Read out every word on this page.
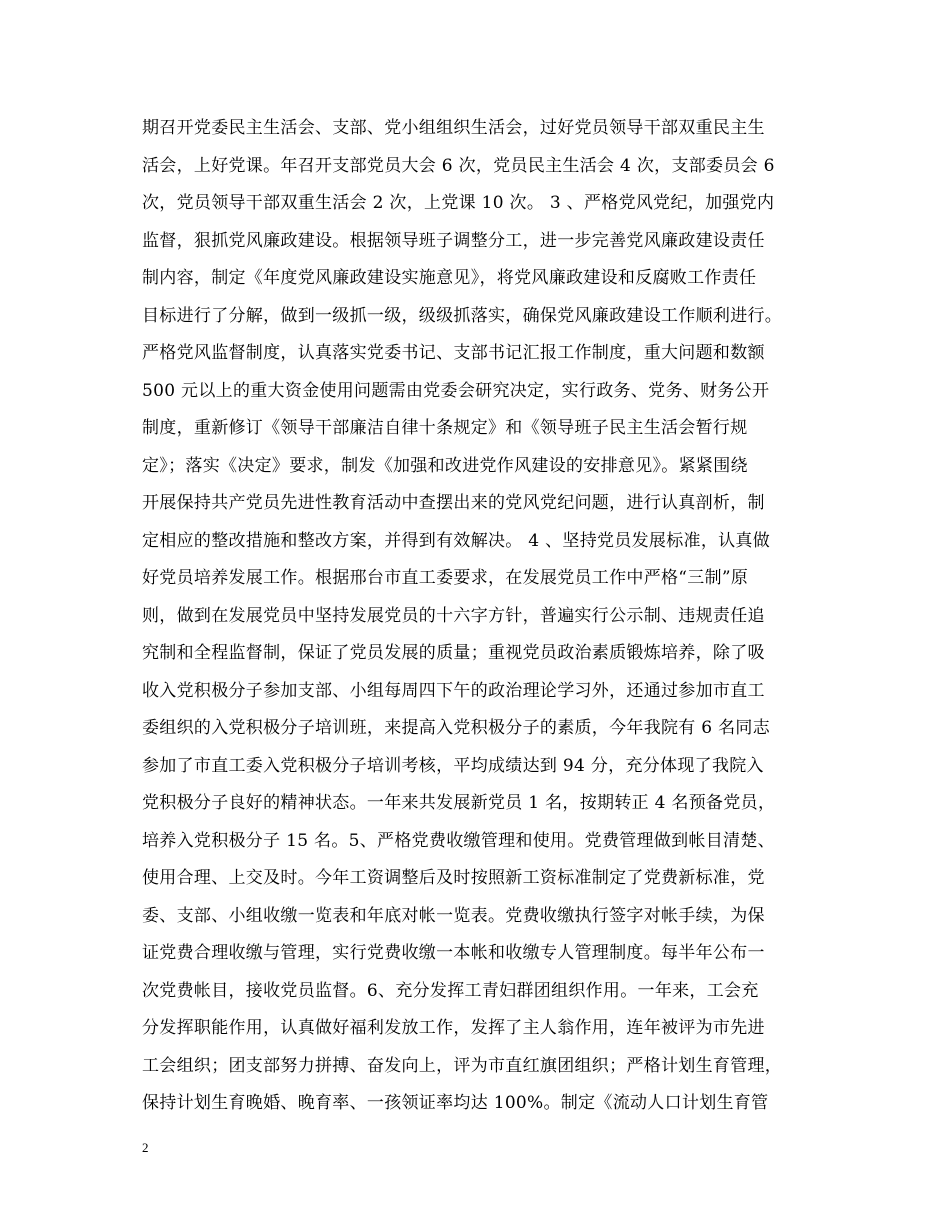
期召开党委民主生活会、支部、党小组组织生活会，过好党员领导干部双重民主生
活会，上好党课。年召开支部党员大会 6 次，党员民主生活会 4 次，支部委员会 6
次，党员领导干部双重生活会 2 次，上党课 10 次。 3 、严格党风党纪，加强党内
监督，狠抓党风廉政建设。根据领导班子调整分工，进一步完善党风廉政建设责任
制内容，制定《年度党风廉政建设实施意见》，将党风廉政建设和反腐败工作责任
目标进行了分解，做到一级抓一级，级级抓落实，确保党风廉政建设工作顺利进行。
严格党风监督制度，认真落实党委书记、支部书记汇报工作制度，重大问题和数额
500 元以上的重大资金使用问题需由党委会研究决定，实行政务、党务、财务公开
制度，重新修订《领导干部廉洁自律十条规定》和《领导班子民主生活会暂行规
定》；落实《决定》要求，制发《加强和改进党作风建设的安排意见》。紧紧围绕
开展保持共产党员先进性教育活动中查摆出来的党风党纪问题，进行认真剖析，制
定相应的整改措施和整改方案，并得到有效解决。 4 、坚持党员发展标准，认真做
好党员培养发展工作。根据邢台市直工委要求，在发展党员工作中严格“三制”原
则，做到在发展党员中坚持发展党员的十六字方针，普遍实行公示制、违规责任追
究制和全程监督制，保证了党员发展的质量；重视党员政治素质锻炼培养，除了吸
收入党积极分子参加支部、小组每周四下午的政治理论学习外，还通过参加市直工
委组织的入党积极分子培训班，来提高入党积极分子的素质，今年我院有 6 名同志
参加了市直工委入党积极分子培训考核，平均成绩达到 94 分，充分体现了我院入
党积极分子良好的精神状态。一年来共发展新党员 1 名，按期转正 4 名预备党员，
培养入党积极分子 15 名。5、严格党费收缴管理和使用。党费管理做到帐目清楚、
使用合理、上交及时。今年工资调整后及时按照新工资标准制定了党费新标准，党
委、支部、小组收缴一览表和年底对帐一览表。党费收缴执行签字对帐手续，为保
证党费合理收缴与管理，实行党费收缴一本帐和收缴专人管理制度。每半年公布一
次党费帐目，接收党员监督。6、充分发挥工青妇群团组织作用。一年来，工会充
分发挥职能作用，认真做好福利发放工作，发挥了主人翁作用，连年被评为市先进
工会组织；团支部努力拼搏、奋发向上，评为市直红旗团组织；严格计划生育管理，
保持计划生育晚婚、晚育率、一孩领证率均达 100%。制定《流动人口计划生育管
2
